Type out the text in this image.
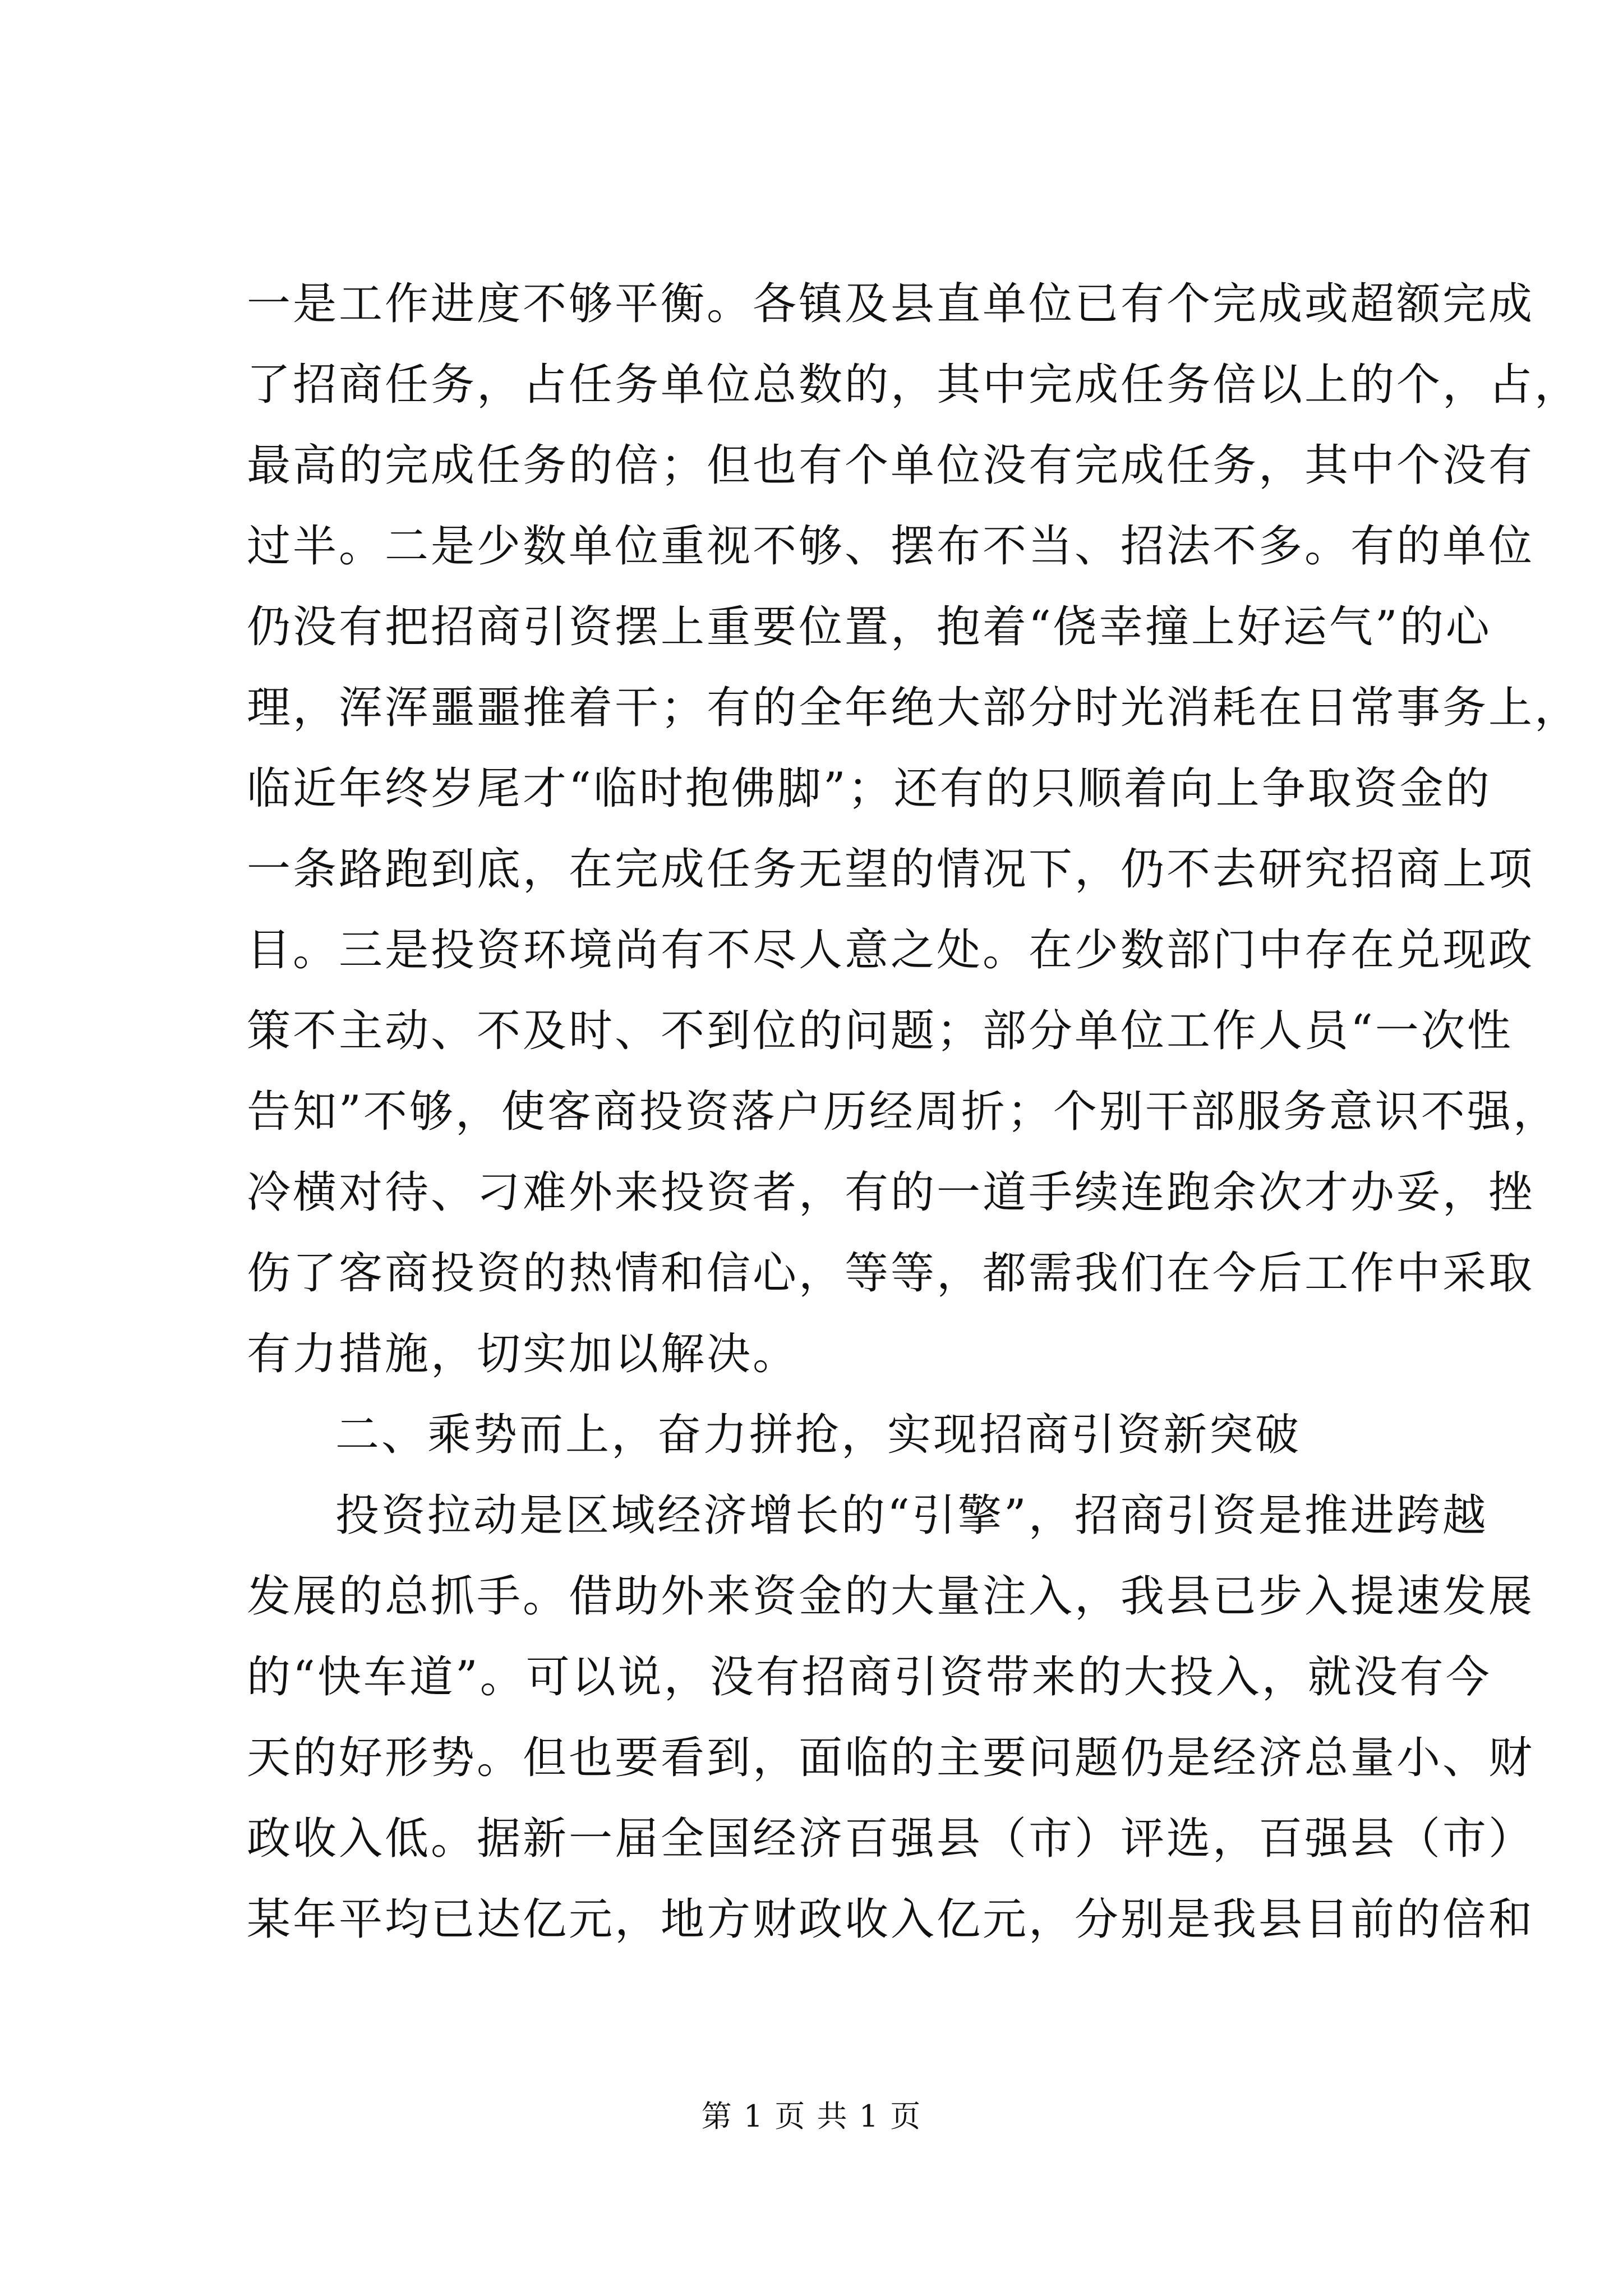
一是工作进度不够平衡。各镇及县直单位已有个完成或超额完成
了招商任务，占任务单位总数的，其中完成任务倍以上的个，占，
最高的完成任务的倍；但也有个单位没有完成任务，其中个没有
过半。二是少数单位重视不够、摆布不当、招法不多。有的单位
仍没有把招商引资摆上重要位置，抱着“侥幸撞上好运气”的心
理，浑浑噩噩推着干；有的全年绝大部分时光消耗在日常事务上，
临近年终岁尾才“临时抱佛脚”；还有的只顺着向上争取资金的
一条路跑到底，在完成任务无望的情况下，仍不去研究招商上项
目。三是投资环境尚有不尽人意之处。在少数部门中存在兑现政
策不主动、不及时、不到位的问题；部分单位工作人员“一次性
告知”不够，使客商投资落户历经周折；个别干部服务意识不强，
冷横对待、刁难外来投资者，有的一道手续连跑余次才办妥，挫
伤了客商投资的热情和信心，等等，都需我们在今后工作中采取
有力措施，切实加以解决。
二、乘势而上，奋力拼抢，实现招商引资新突破
投资拉动是区域经济增长的“引擎”，招商引资是推进跨越
发展的总抓手。借助外来资金的大量注入，我县已步入提速发展
的“快车道”。可以说，没有招商引资带来的大投入，就没有今
天的好形势。但也要看到，面临的主要问题仍是经济总量小、财
政收入低。据新一届全国经济百强县（市）评选，百强县（市）
某年平均已达亿元，地方财政收入亿元，分别是我县目前的倍和
第 1 页 共 1 页
